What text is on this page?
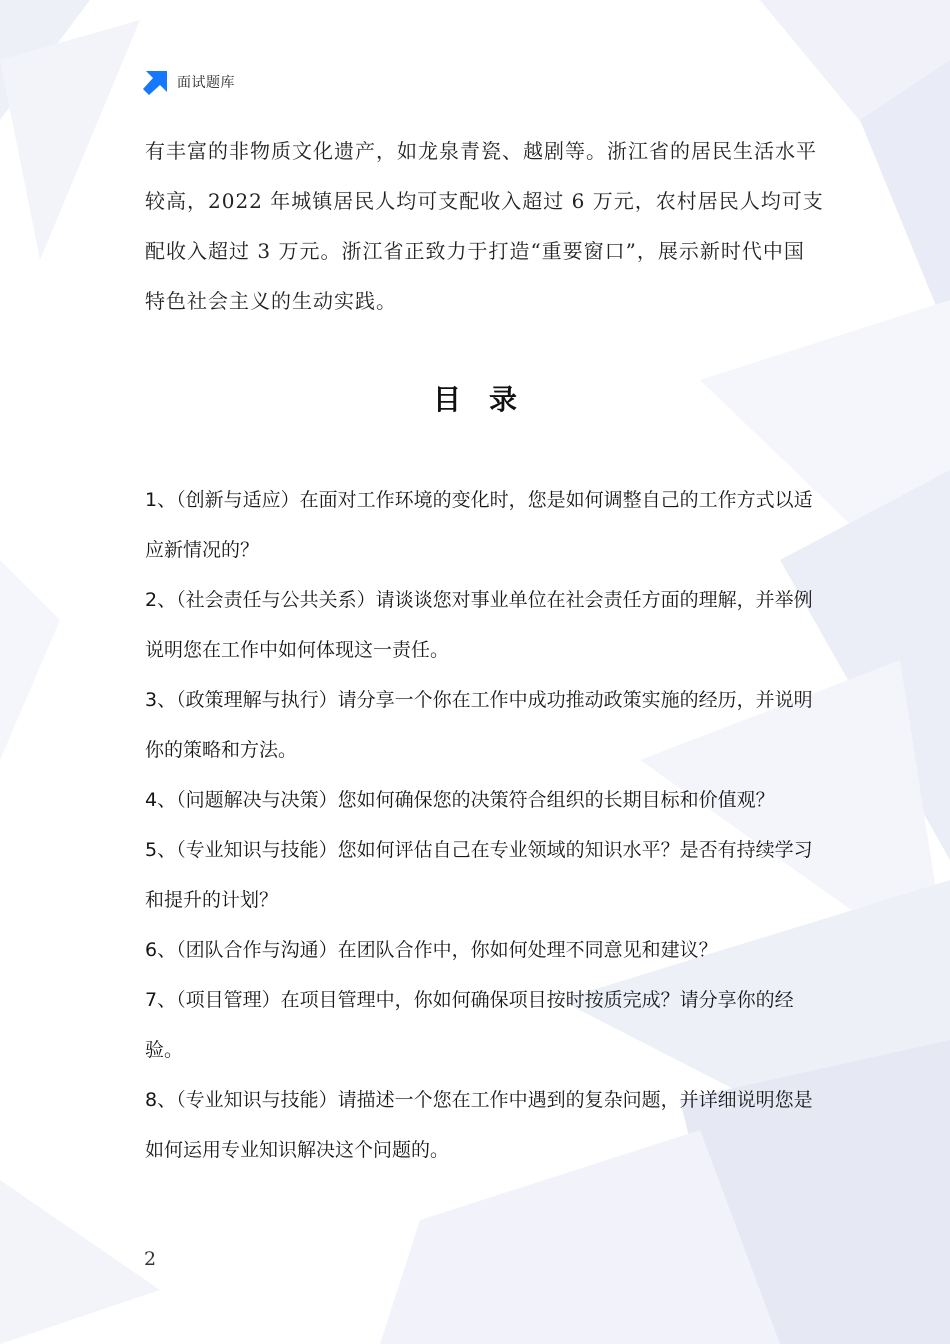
面试题库

有丰富的非物质文化遗产，如龙泉青瓷、越剧等。浙江省的居民生活水平较高，2022 年城镇居民人均可支配收入超过 6 万元，农村居民人均可支配收入超过 3 万元。浙江省正致力于打造“重要窗口”，展示新时代中国特色社会主义的生动实践。

目录
1、（创新与适应）在面对工作环境的变化时，您是如何调整自己的工作方式以适应新情况的？
2、（社会责任与公共关系）请谈谈您对事业单位在社会责任方面的理解，并举例说明您在工作中如何体现这一责任。
3、（政策理解与执行）请分享一个你在工作中成功推动政策实施的经历，并说明你的策略和方法。
4、（问题解决与决策）您如何确保您的决策符合组织的长期目标和价值观？
5、（专业知识与技能）您如何评估自己在专业领域的知识水平？是否有持续学习和提升的计划？
6、（团队合作与沟通）在团队合作中，你如何处理不同意见和建议？
7、（项目管理）在项目管理中，你如何确保项目按时按质完成？请分享你的经验。
8、（专业知识与技能）请描述一个您在工作中遇到的复杂问题，并详细说明您是如何运用专业知识解决这个问题的。
2
